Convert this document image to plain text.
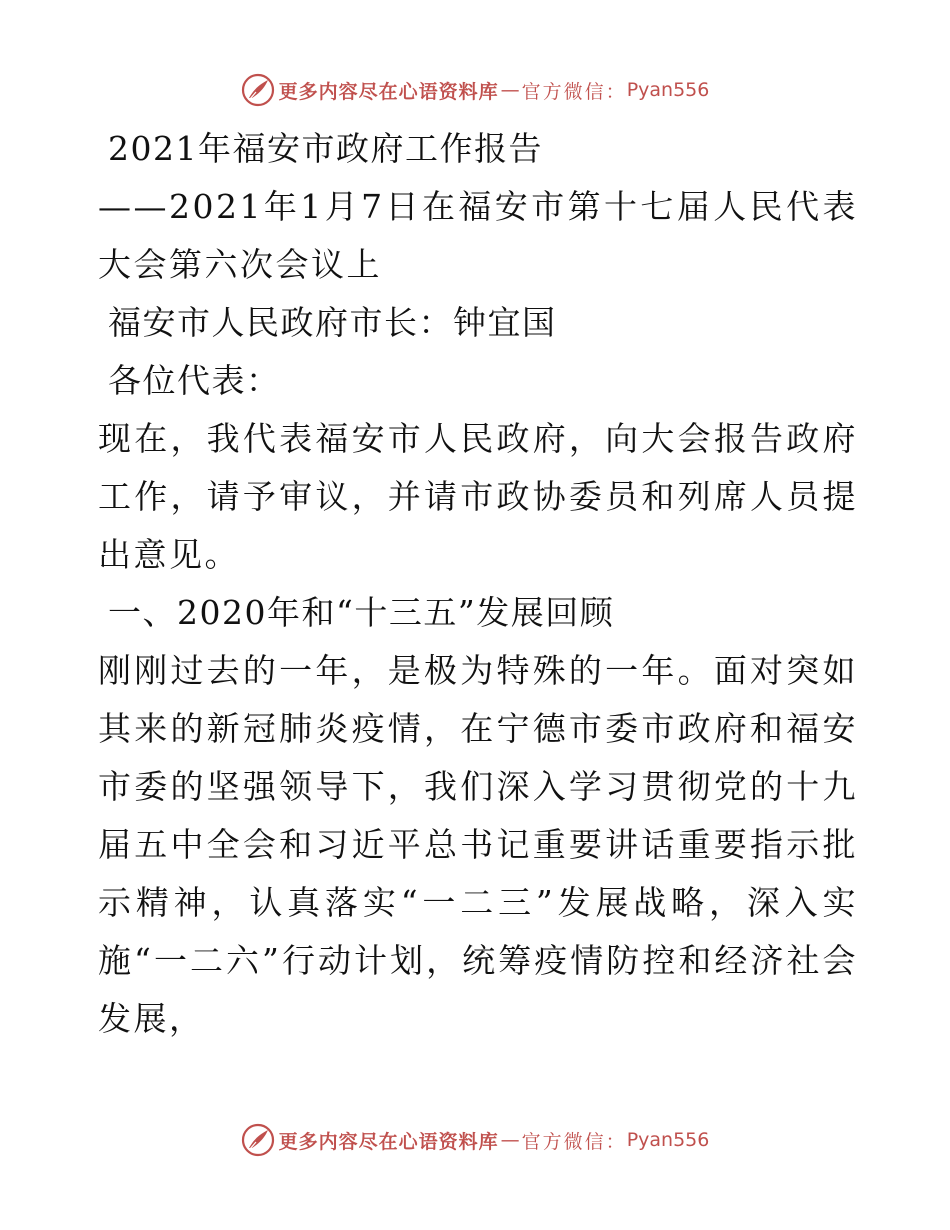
更多内容尽在心语资料库 — 官方微信： Pyan556

2021年福安市政府工作报告

——2021年1月7日在福安市第十七届人民代表大会第六次会议上

福安市人民政府市长：钟宜国

各位代表：

现在，我代表福安市人民政府，向大会报告政府工作，请予审议，并请市政协委员和列席人员提出意见。

一、2020年和“十三五”发展回顾

刚刚过去的一年，是极为特殊的一年。面对突如其来的新冠肺炎疫情，在宁德市委市政府和福安市委的坚强领导下，我们深入学习贯彻党的十九届五中全会和习近平总书记重要讲话重要指示批示精神，认真落实“一二三”发展战略，深入实施“一二六”行动计划，统筹疫情防控和经济社会发展，

更多内容尽在心语资料库 — 官方微信： Pyan556
